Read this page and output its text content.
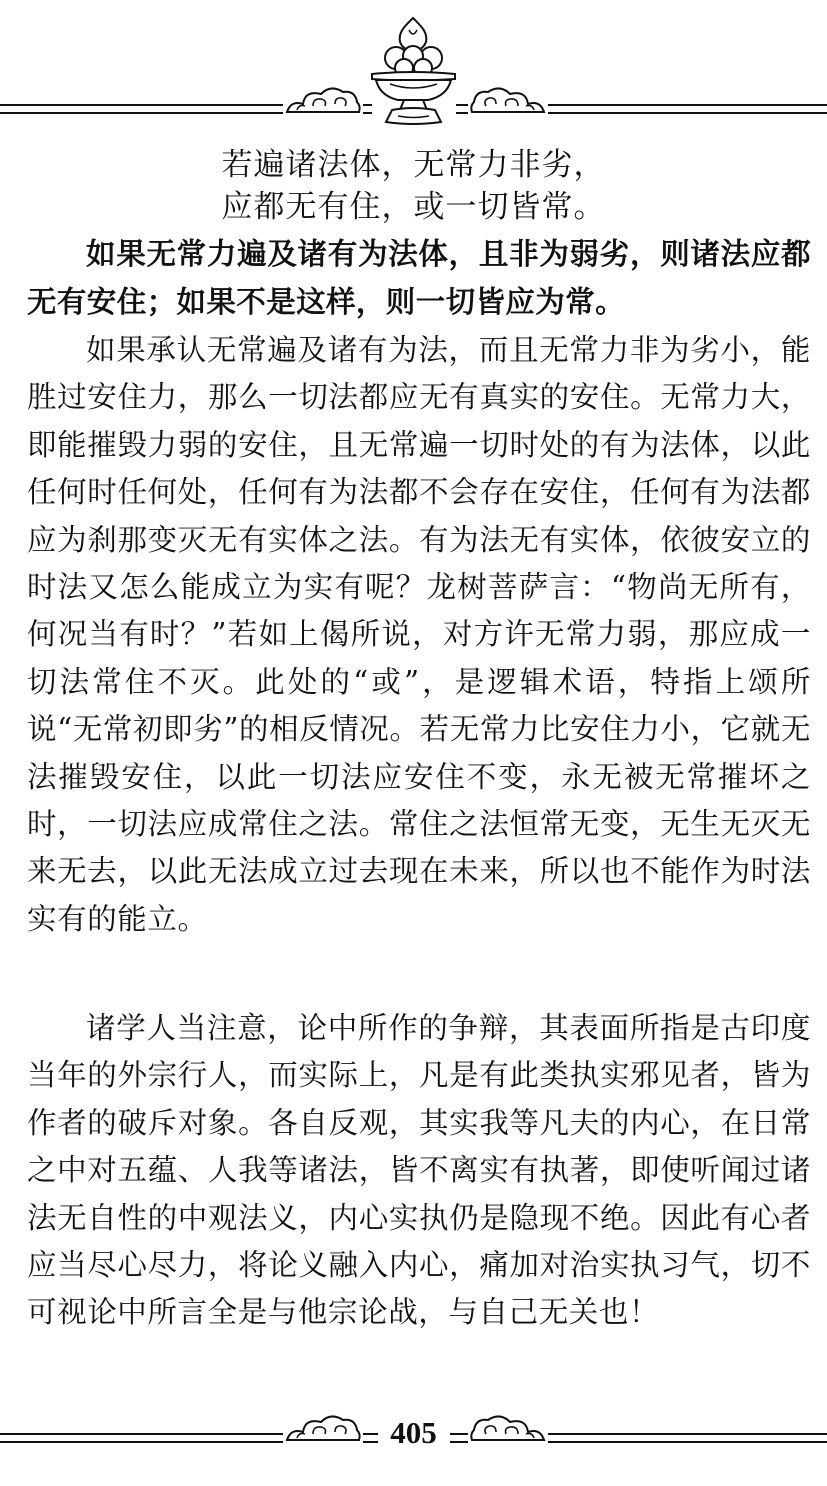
若遍诸法体，无常力非劣，
应都无有住，或一切皆常。

如果无常力遍及诸有为法体，且非为弱劣，则诸法应都无有安住；如果不是这样，则一切皆应为常。

如果承认无常遍及诸有为法，而且无常力非为劣小，能胜过安住力，那么一切法都应无有真实的安住。无常力大，即能摧毁力弱的安住，且无常遍一切时处的有为法体，以此任何时任何处，任何有为法都不会存在安住，任何有为法都应为刹那变灭无有实体之法。有为法无有实体，依彼安立的时法又怎么能成立为实有呢？龙树菩萨言：“物尚无所有，何况当有时？”若如上偈所说，对方许无常力弱，那应成一切法常住不灭。此处的“或”，是逻辑术语，特指上颂所说“无常初即劣”的相反情况。若无常力比安住力小，它就无法摧毁安住，以此一切法应安住不变，永无被无常摧坏之时，一切法应成常住之法。常住之法恒常无变，无生无灭无来无去，以此无法成立过去现在未来，所以也不能作为时法实有的能立。

诸学人当注意，论中所作的争辩，其表面所指是古印度当年的外宗行人，而实际上，凡是有此类执实邪见者，皆为作者的破斥对象。各自反观，其实我等凡夫的内心，在日常之中对五蕴、人我等诸法，皆不离实有执著，即使听闻过诸法无自性的中观法义，内心实执仍是隐现不绝。因此有心者应当尽心尽力，将论义融入内心，痛加对治实执习气，切不可视论中所言全是与他宗论战，与自己无关也！

405
